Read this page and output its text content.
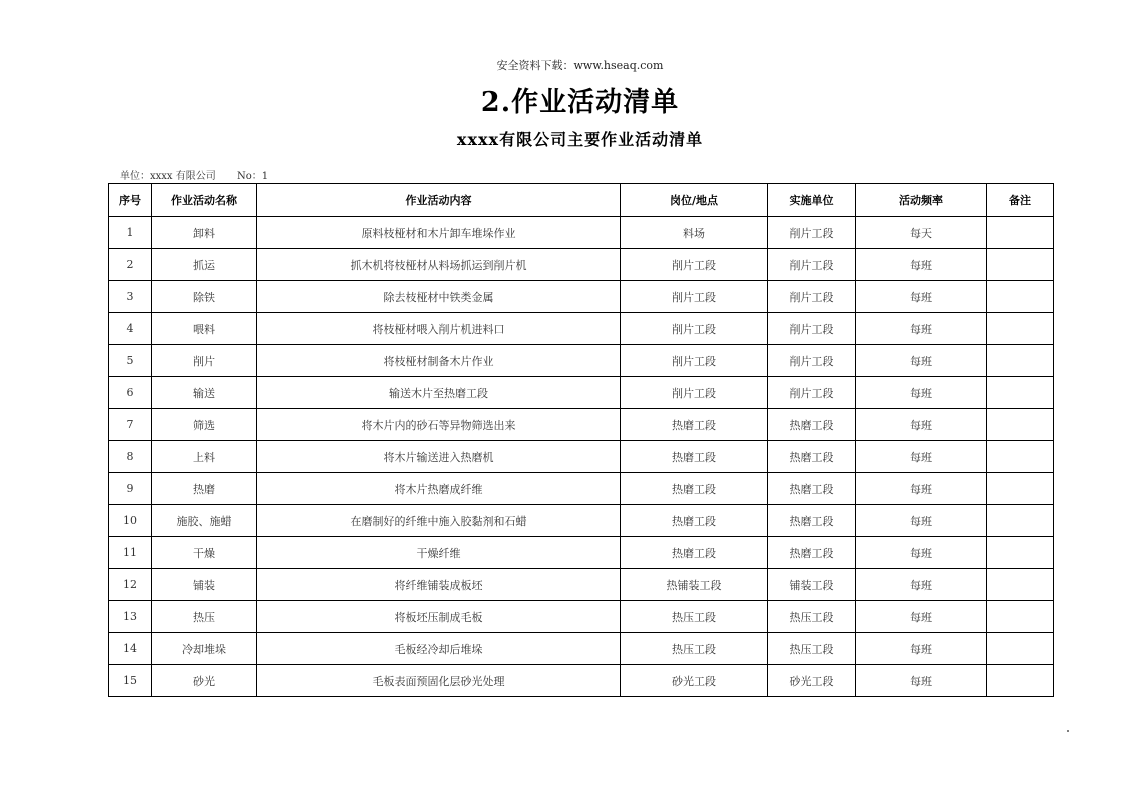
安全资料下载：www.hseaq.com
2.作业活动清单
xxxx有限公司主要作业活动清单
单位：xxxx 有限公司 No：1
序号	作业活动名称	作业活动内容	岗位/地点	实施单位	活动频率	备注
1	卸料	原料枝桠材和木片卸车堆垛作业	料场	削片工段	每天	
2	抓运	抓木机将枝桠材从料场抓运到削片机	削片工段	削片工段	每班	
3	除铁	除去枝桠材中铁类金属	削片工段	削片工段	每班	
4	喂料	将枝桠材喂入削片机进料口	削片工段	削片工段	每班	
5	削片	将枝桠材制备木片作业	削片工段	削片工段	每班	
6	输送	输送木片至热磨工段	削片工段	削片工段	每班	
7	筛选	将木片内的砂石等异物筛选出来	热磨工段	热磨工段	每班	
8	上料	将木片输送进入热磨机	热磨工段	热磨工段	每班	
9	热磨	将木片热磨成纤维	热磨工段	热磨工段	每班	
10	施胶、施蜡	在磨制好的纤维中施入胶黏剂和石蜡	热磨工段	热磨工段	每班	
11	干燥	干燥纤维	热磨工段	热磨工段	每班	
12	铺装	将纤维铺装成板坯	热铺装工段	铺装工段	每班	
13	热压	将板坯压制成毛板	热压工段	热压工段	每班	
14	冷却堆垛	毛板经冷却后堆垛	热压工段	热压工段	每班	
15	砂光	毛板表面预固化层砂光处理	砂光工段	砂光工段	每班	
